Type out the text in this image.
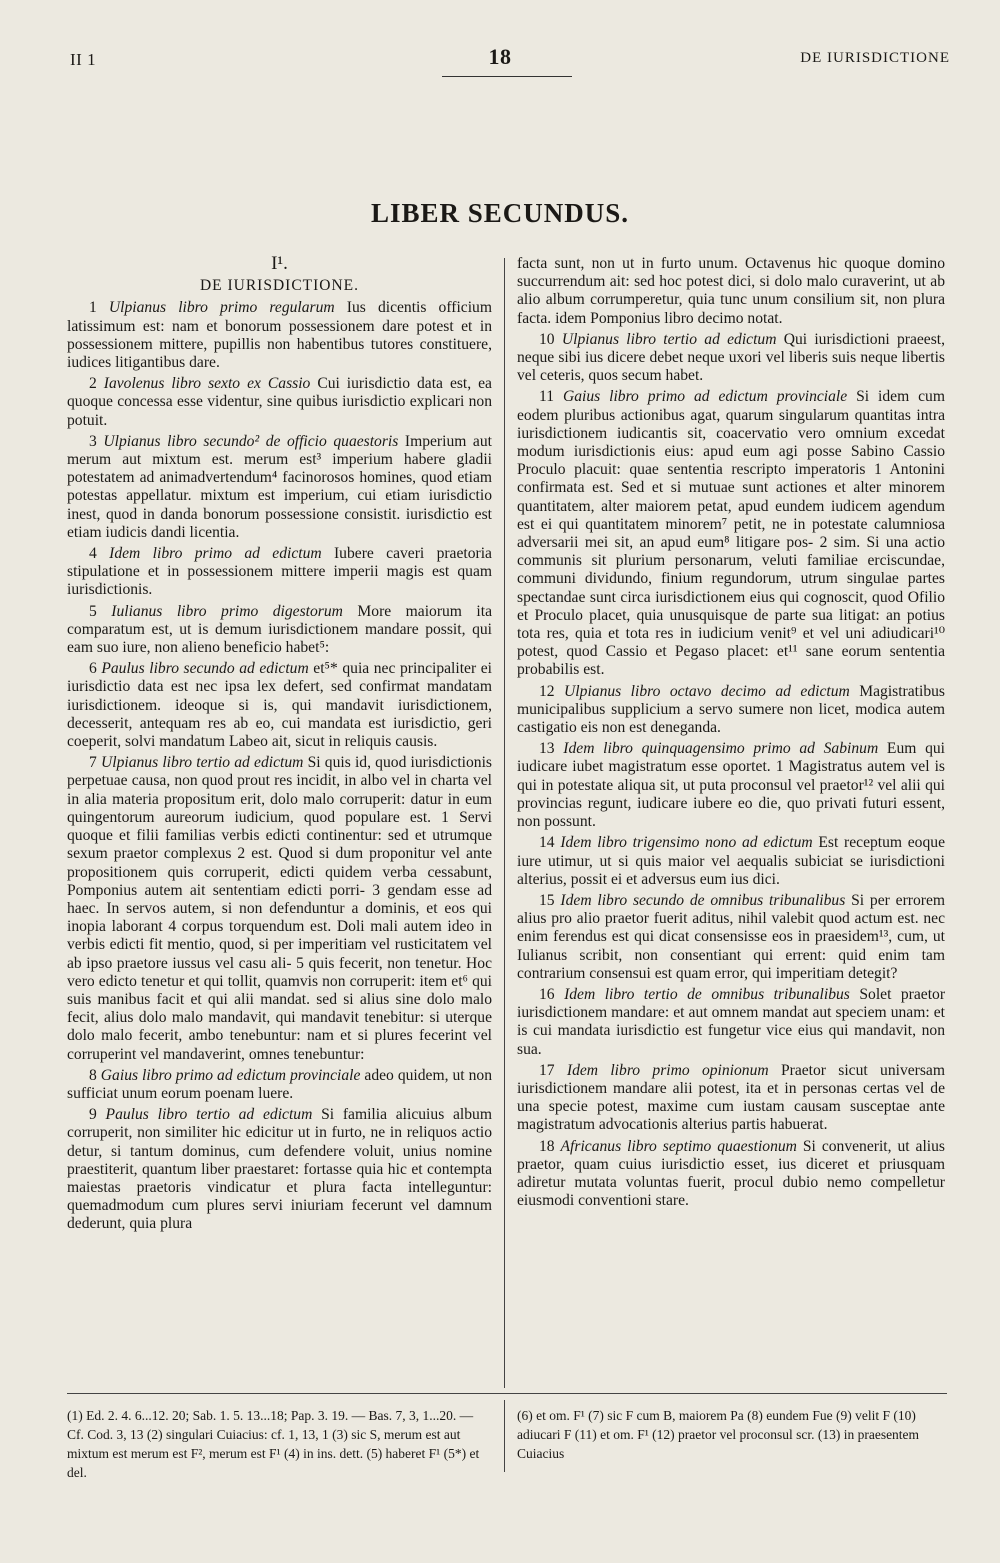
II 1	18	DE IURISDICTIONE
LIBER SECUNDUS.
I¹.
DE IURISDICTIONE.

1 Ulpianus libro primo regularum Ius dicentis officium latissimum est: nam et bonorum possessionem dare potest et in possessionem mittere, pupillis non habentibus tutores constituere, iudices litigantibus dare.

2 Iavolenus libro sexto ex Cassio Cui iurisdictio data est, ea quoque concessa esse videntur, sine quibus iurisdictio explicari non potuit.

3 Ulpianus libro secundo² de officio quaestoris Imperium aut merum aut mixtum est. merum est³ imperium habere gladii potestatem ad animadvertendum⁴ facinorosos homines, quod etiam potestas appellatur. mixtum est imperium, cui etiam iurisdictio inest, quod in danda bonorum possessione consistit. iurisdictio est etiam iudicis dandi licentia.

4 Idem libro primo ad edictum Iubere caveri praetoria stipulatione et in possessionem mittere imperii magis est quam iurisdictionis.

5 Iulianus libro primo digestorum More maiorum ita comparatum est, ut is demum iurisdictionem mandare possit, qui eam suo iure, non alieno beneficio habet⁵:

6 Paulus libro secundo ad edictum et⁵* quia nec principaliter ei iurisdictio data est nec ipsa lex defert, sed confirmat mandatam iurisdictionem. ideoque si is, qui mandavit iurisdictionem, decesserit, antequam res ab eo, cui mandata est iurisdictio, geri coeperit, solvi mandatum Labeo ait, sicut in reliquis causis.

7 Ulpianus libro tertio ad edictum Si quis id, quod iurisdictionis perpetuae causa, non quod prout res incidit, in albo vel in charta vel in alia materia propositum erit, dolo malo corruperit: datur in eum quingentorum aureorum iudicium, quod populare est. 1 Servi quoque et filii familias verbis edicti continentur: sed et utrumque sexum praetor complexus 2 est. Quod si dum proponitur vel ante propositionem quis corruperit, edicti quidem verba cessabunt, Pomponius autem ait sententiam edicti porri- 3 gendam esse ad haec. In servos autem, si non defenduntur a dominis, et eos qui inopia laborant 4 corpus torquendum est. Doli mali autem ideo in verbis edicti fit mentio, quod, si per imperitiam vel rusticitatem vel ab ipso praetore iussus vel casu ali- 5 quis fecerit, non tenetur. Hoc vero edicto tenetur et qui tollit, quamvis non corruperit: item et⁶ qui suis manibus facit et qui alii mandat. sed si alius sine dolo malo fecit, alius dolo malo mandavit, qui mandavit tenebitur: si uterque dolo malo fecerit, ambo tenebuntur: nam et si plures fecerint vel corruperint vel mandaverint, omnes tenebuntur:

8 Gaius libro primo ad edictum provinciale adeo quidem, ut non sufficiat unum eorum poenam luere.

9 Paulus libro tertio ad edictum Si familia alicuius album corruperit, non similiter hic edicitur ut in furto, ne in reliquos actio detur, si tantum dominus, cum defendere voluit, unius nomine praestiterit, quantum liber praestaret: fortasse quia hic et contempta maiestas praetoris vindicatur et plura facta intelleguntur: quemadmodum cum plures servi iniuriam fecerunt vel damnum dederunt, quia plura

facta sunt, non ut in furto unum. Octavenus hic quoque domino succurrendum ait: sed hoc potest dici, si dolo malo curaverint, ut ab alio album corrumperetur, quia tunc unum consilium sit, non plura facta. idem Pomponius libro decimo notat.

10 Ulpianus libro tertio ad edictum Qui iurisdictioni praeest, neque sibi ius dicere debet neque uxori vel liberis suis neque libertis vel ceteris, quos secum habet.

11 Gaius libro primo ad edictum provinciale Si idem cum eodem pluribus actionibus agat, quarum singularum quantitas intra iurisdictionem iudicantis sit, coacervatio vero omnium excedat modum iurisdictionis eius: apud eum agi posse Sabino Cassio Proculo placuit: quae sententia rescripto imperatoris 1 Antonini confirmata est. Sed et si mutuae sunt actiones et alter minorem quantitatem, alter maiorem petat, apud eundem iudicem agendum est ei qui quantitatem minorem⁷ petit, ne in potestate calumniosa adversarii mei sit, an apud eum⁸ litigare pos- 2 sim. Si una actio communis sit plurium personarum, veluti familiae erciscundae, communi dividundo, finium regundorum, utrum singulae partes spectandae sunt circa iurisdictionem eius qui cognoscit, quod Ofilio et Proculo placet, quia unusquisque de parte sua litigat: an potius tota res, quia et tota res in iudicium venit⁹ et vel uni adiudicari¹⁰ potest, quod Cassio et Pegaso placet: et¹¹ sane eorum sententia probabilis est.

12 Ulpianus libro octavo decimo ad edictum Magistratibus municipalibus supplicium a servo sumere non licet, modica autem castigatio eis non est deneganda.

13 Idem libro quinquagensimo primo ad Sabinum Eum qui iudicare iubet magistratum esse oportet. 1 Magistratus autem vel is qui in potestate aliqua sit, ut puta proconsul vel praetor¹² vel alii qui provincias regunt, iudicare iubere eo die, quo privati futuri essent, non possunt.

14 Idem libro trigensimo nono ad edictum Est receptum eoque iure utimur, ut si quis maior vel aequalis subiciat se iurisdictioni alterius, possit ei et adversus eum ius dici.

15 Idem libro secundo de omnibus tribunalibus Si per errorem alius pro alio praetor fuerit aditus, nihil valebit quod actum est. nec enim ferendus est qui dicat consensisse eos in praesidem¹³, cum, ut Iulianus scribit, non consentiant qui errent: quid enim tam contrarium consensui est quam error, qui imperitiam detegit?

16 Idem libro tertio de omnibus tribunalibus Solet praetor iurisdictionem mandare: et aut omnem mandat aut speciem unam: et is cui mandata iurisdictio est fungetur vice eius qui mandavit, non sua.

17 Idem libro primo opinionum Praetor sicut universam iurisdictionem mandare alii potest, ita et in personas certas vel de una specie potest, maxime cum iustam causam susceptae ante magistratum advocationis alterius partis habuerat.

18 Africanus libro septimo quaestionum Si convenerit, ut alius praetor, quam cuius iurisdictio esset, ius diceret et priusquam adiretur mutata voluntas fuerit, procul dubio nemo compelletur eiusmodi conventioni stare.

(1) Ed. 2. 4. 6...12. 20; Sab. 1. 5. 13...18; Pap. 3. 19. — Bas. 7, 3, 1...20. — Cf. Cod. 3, 13 (2) singulari Cuiacius: cf. 1, 13, 1 (3) sic S, merum est aut mixtum est merum est F², merum est F¹ (4) in ins. dett. (5) haberet F¹ (5*) et del.
(6) et om. F¹ (7) sic F cum B, maiorem Pa (8) eundem Fue (9) velit F (10) adiucari F (11) et om. F¹ (12) praetor vel proconsul scr. (13) in praesentem Cuiacius
